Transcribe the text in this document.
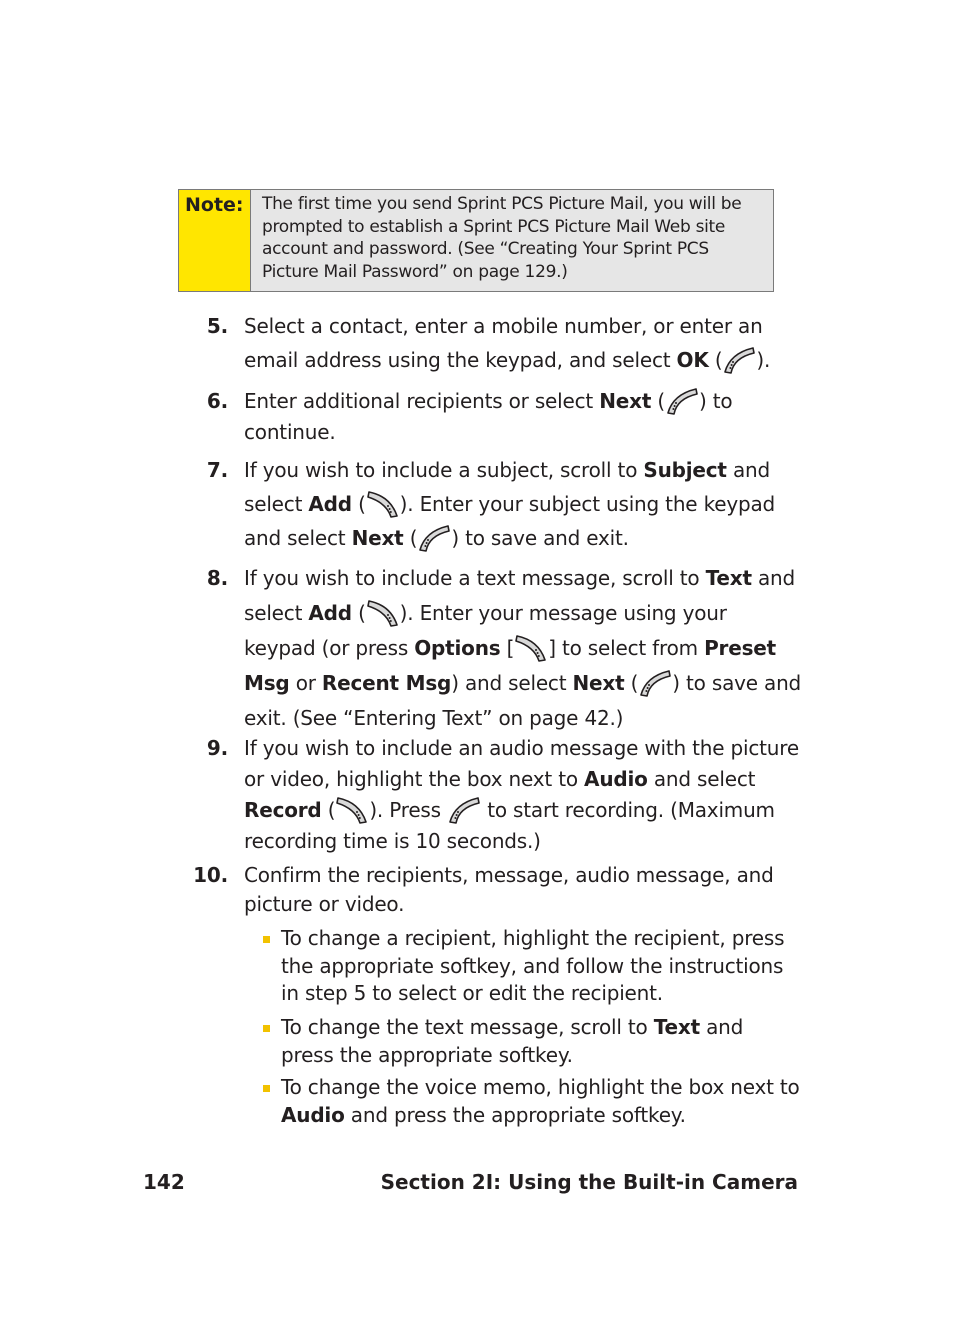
Note:	The first time you send Sprint PCS Picture Mail, you will be prompted to establish a Sprint PCS Picture Mail Web site account and password. (See “Creating Your Sprint PCS Picture Mail Password” on page 129.)
5. Select a contact, enter a mobile number, or enter an email address using the keypad, and select OK ( ).
6. Enter additional recipients or select Next ( ) to continue.
7. If you wish to include a subject, scroll to Subject and select Add ( ). Enter your subject using the keypad and select Next ( ) to save and exit.
8. If you wish to include a text message, scroll to Text and select Add ( ). Enter your message using your keypad (or press Options [ ] to select from Preset Msg or Recent Msg) and select Next ( ) to save and exit. (See “Entering Text” on page 42.)
9. If you wish to include an audio message with the picture or video, highlight the box next to Audio and select Record ( ). Press
to start recording. (Maximum recording time is 10 seconds.)
10. Confirm the recipients, message, audio message, and picture or video.
To change a recipient, highlight the recipient, press the appropriate softkey, and follow the instructions in step 5 to select or edit the recipient.
To change the text message, scroll to Text and press the appropriate softkey.
To change the voice memo, highlight the box next to Audio and press the appropriate softkey.
142	Section 2I: Using the Built-in Camera
